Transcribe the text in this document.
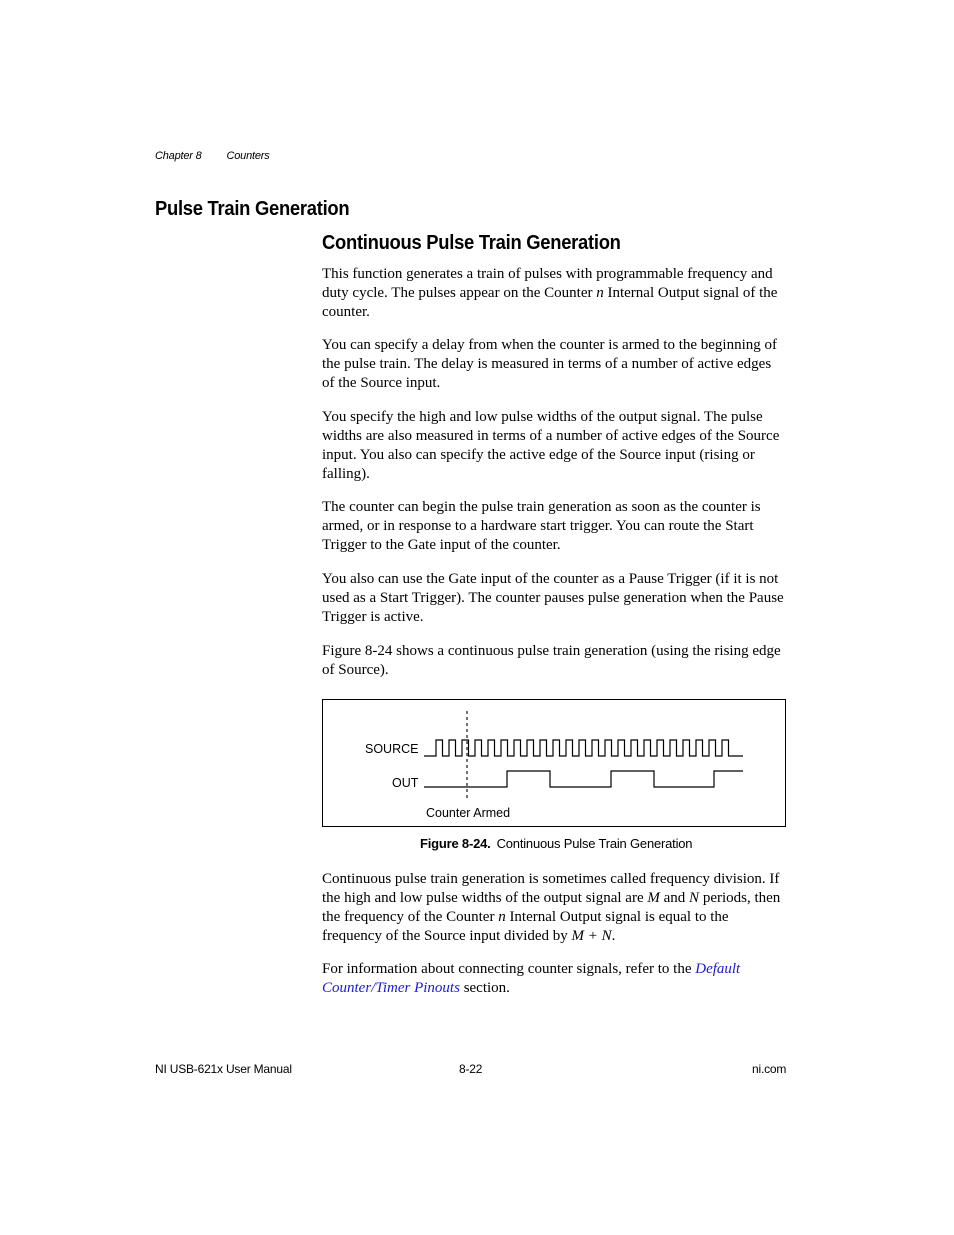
Chapter 8 Counters
Pulse Train Generation
Continuous Pulse Train Generation

This function generates a train of pulses with programmable frequency and duty cycle. The pulses appear on the Counter n Internal Output signal of the counter.

You can specify a delay from when the counter is armed to the beginning of the pulse train. The delay is measured in terms of a number of active edges of the Source input.

You specify the high and low pulse widths of the output signal. The pulse widths are also measured in terms of a number of active edges of the Source input. You also can specify the active edge of the Source input (rising or falling).

The counter can begin the pulse train generation as soon as the counter is armed, or in response to a hardware start trigger. You can route the Start Trigger to the Gate input of the counter.

You also can use the Gate input of the counter as a Pause Trigger (if it is not used as a Start Trigger). The counter pauses pulse generation when the Pause Trigger is active.

Figure 8-24 shows a continuous pulse train generation (using the rising edge of Source).

SOURCE
OUT
Counter Armed
Figure 8-24. Continuous Pulse Train Generation

Continuous pulse train generation is sometimes called frequency division. If the high and low pulse widths of the output signal are M and N periods, then the frequency of the Counter n Internal Output signal is equal to the frequency of the Source input divided by M + N.

For information about connecting counter signals, refer to the Default Counter/Timer Pinouts section.

NI USB-621x User Manual	8-22	ni.com
